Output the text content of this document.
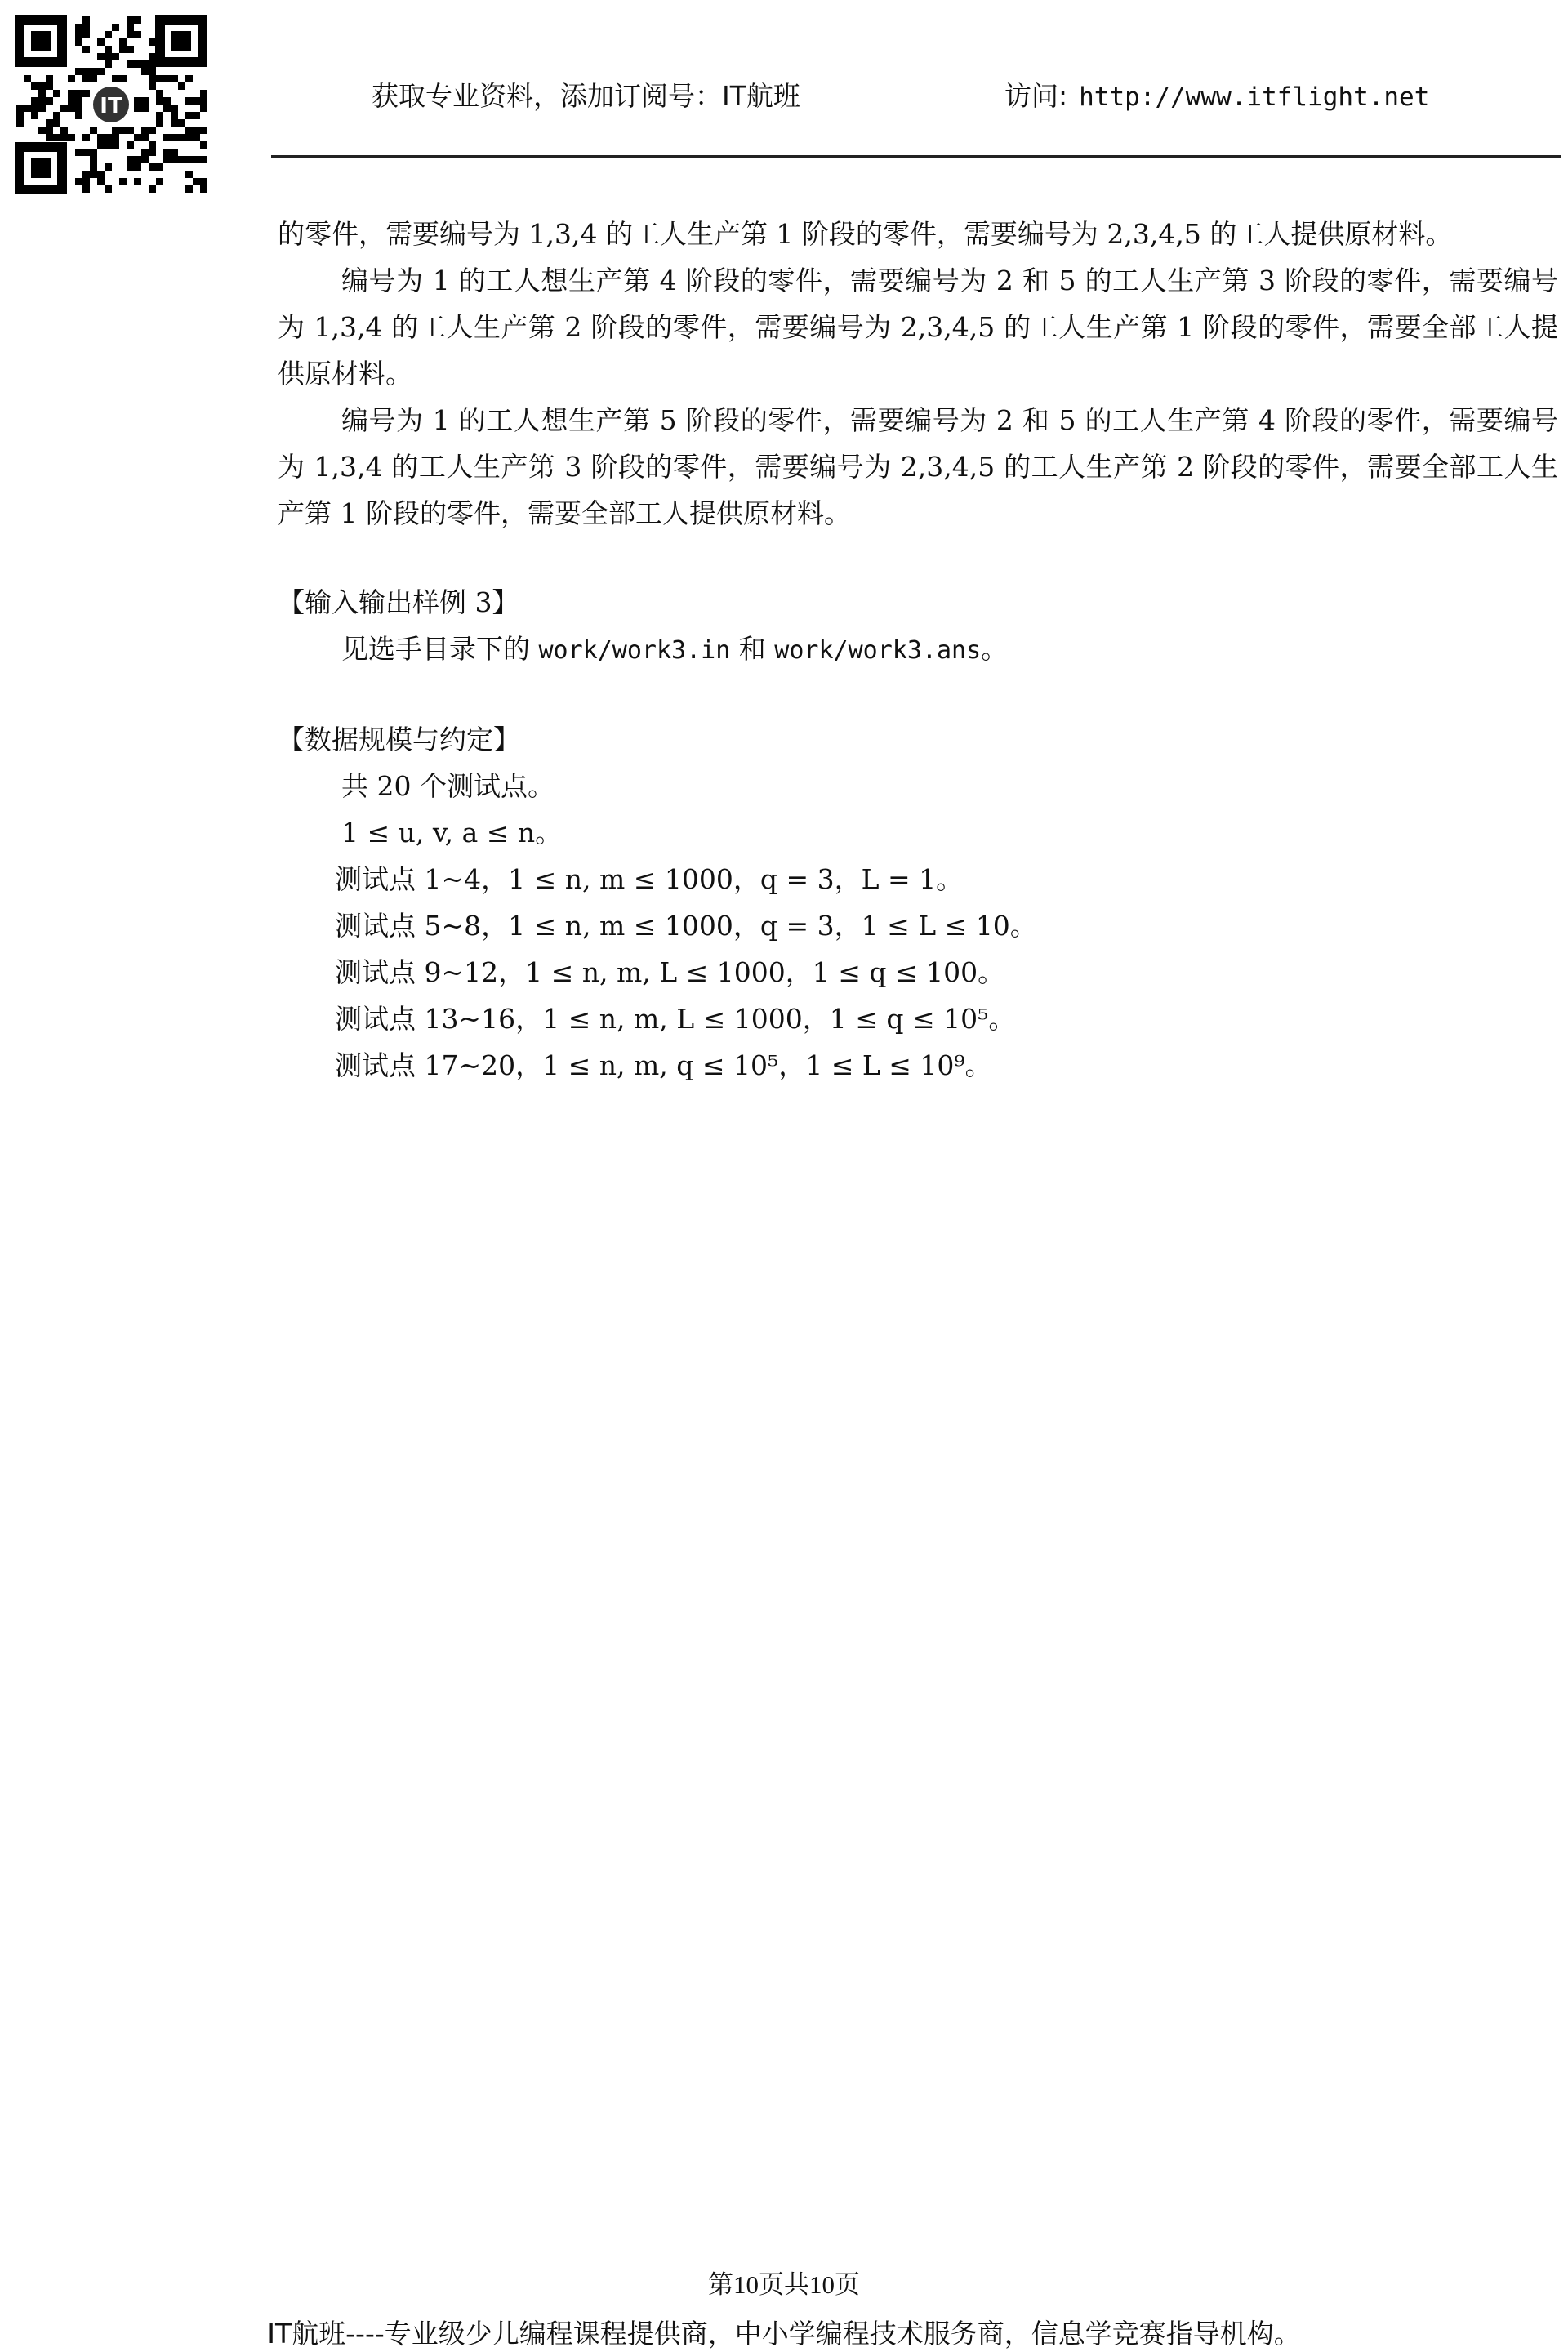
IT	获取专业资料，添加订阅号：IT航班	访问: http://www.itflight.net

的零件，需要编号为 1,3,4 的工人生产第 1 阶段的零件，需要编号为 2,3,4,5 的工人提供原材料。

编号为 1 的工人想生产第 4 阶段的零件，需要编号为 2 和 5 的工人生产第 3 阶段的零件，需要编号为 1,3,4 的工人生产第 2 阶段的零件，需要编号为 2,3,4,5 的工人生产第 1 阶段的零件，需要全部工人提供原材料。

编号为 1 的工人想生产第 5 阶段的零件，需要编号为 2 和 5 的工人生产第 4 阶段的零件，需要编号为 1,3,4 的工人生产第 3 阶段的零件，需要编号为 2,3,4,5 的工人生产第 2 阶段的零件，需要全部工人生产第 1 阶段的零件，需要全部工人提供原材料。

【输入输出样例 3】

见选手目录下的 work/work3.in 和 work/work3.ans。

【数据规模与约定】

共 20 个测试点。

1 ≤ u, v, a ≤ n。

测试点 1~4，1 ≤ n, m ≤ 1000，q = 3，L = 1。

测试点 5~8，1 ≤ n, m ≤ 1000，q = 3，1 ≤ L ≤ 10。

测试点 9~12，1 ≤ n, m, L ≤ 1000，1 ≤ q ≤ 100。

测试点 13~16，1 ≤ n, m, L ≤ 1000，1 ≤ q ≤ 10⁵。

测试点 17~20，1 ≤ n, m, q ≤ 10⁵，1 ≤ L ≤ 10⁹。

第10页共10页
IT航班----专业级少儿编程课程提供商，中小学编程技术服务商，信息学竞赛指导机构。
